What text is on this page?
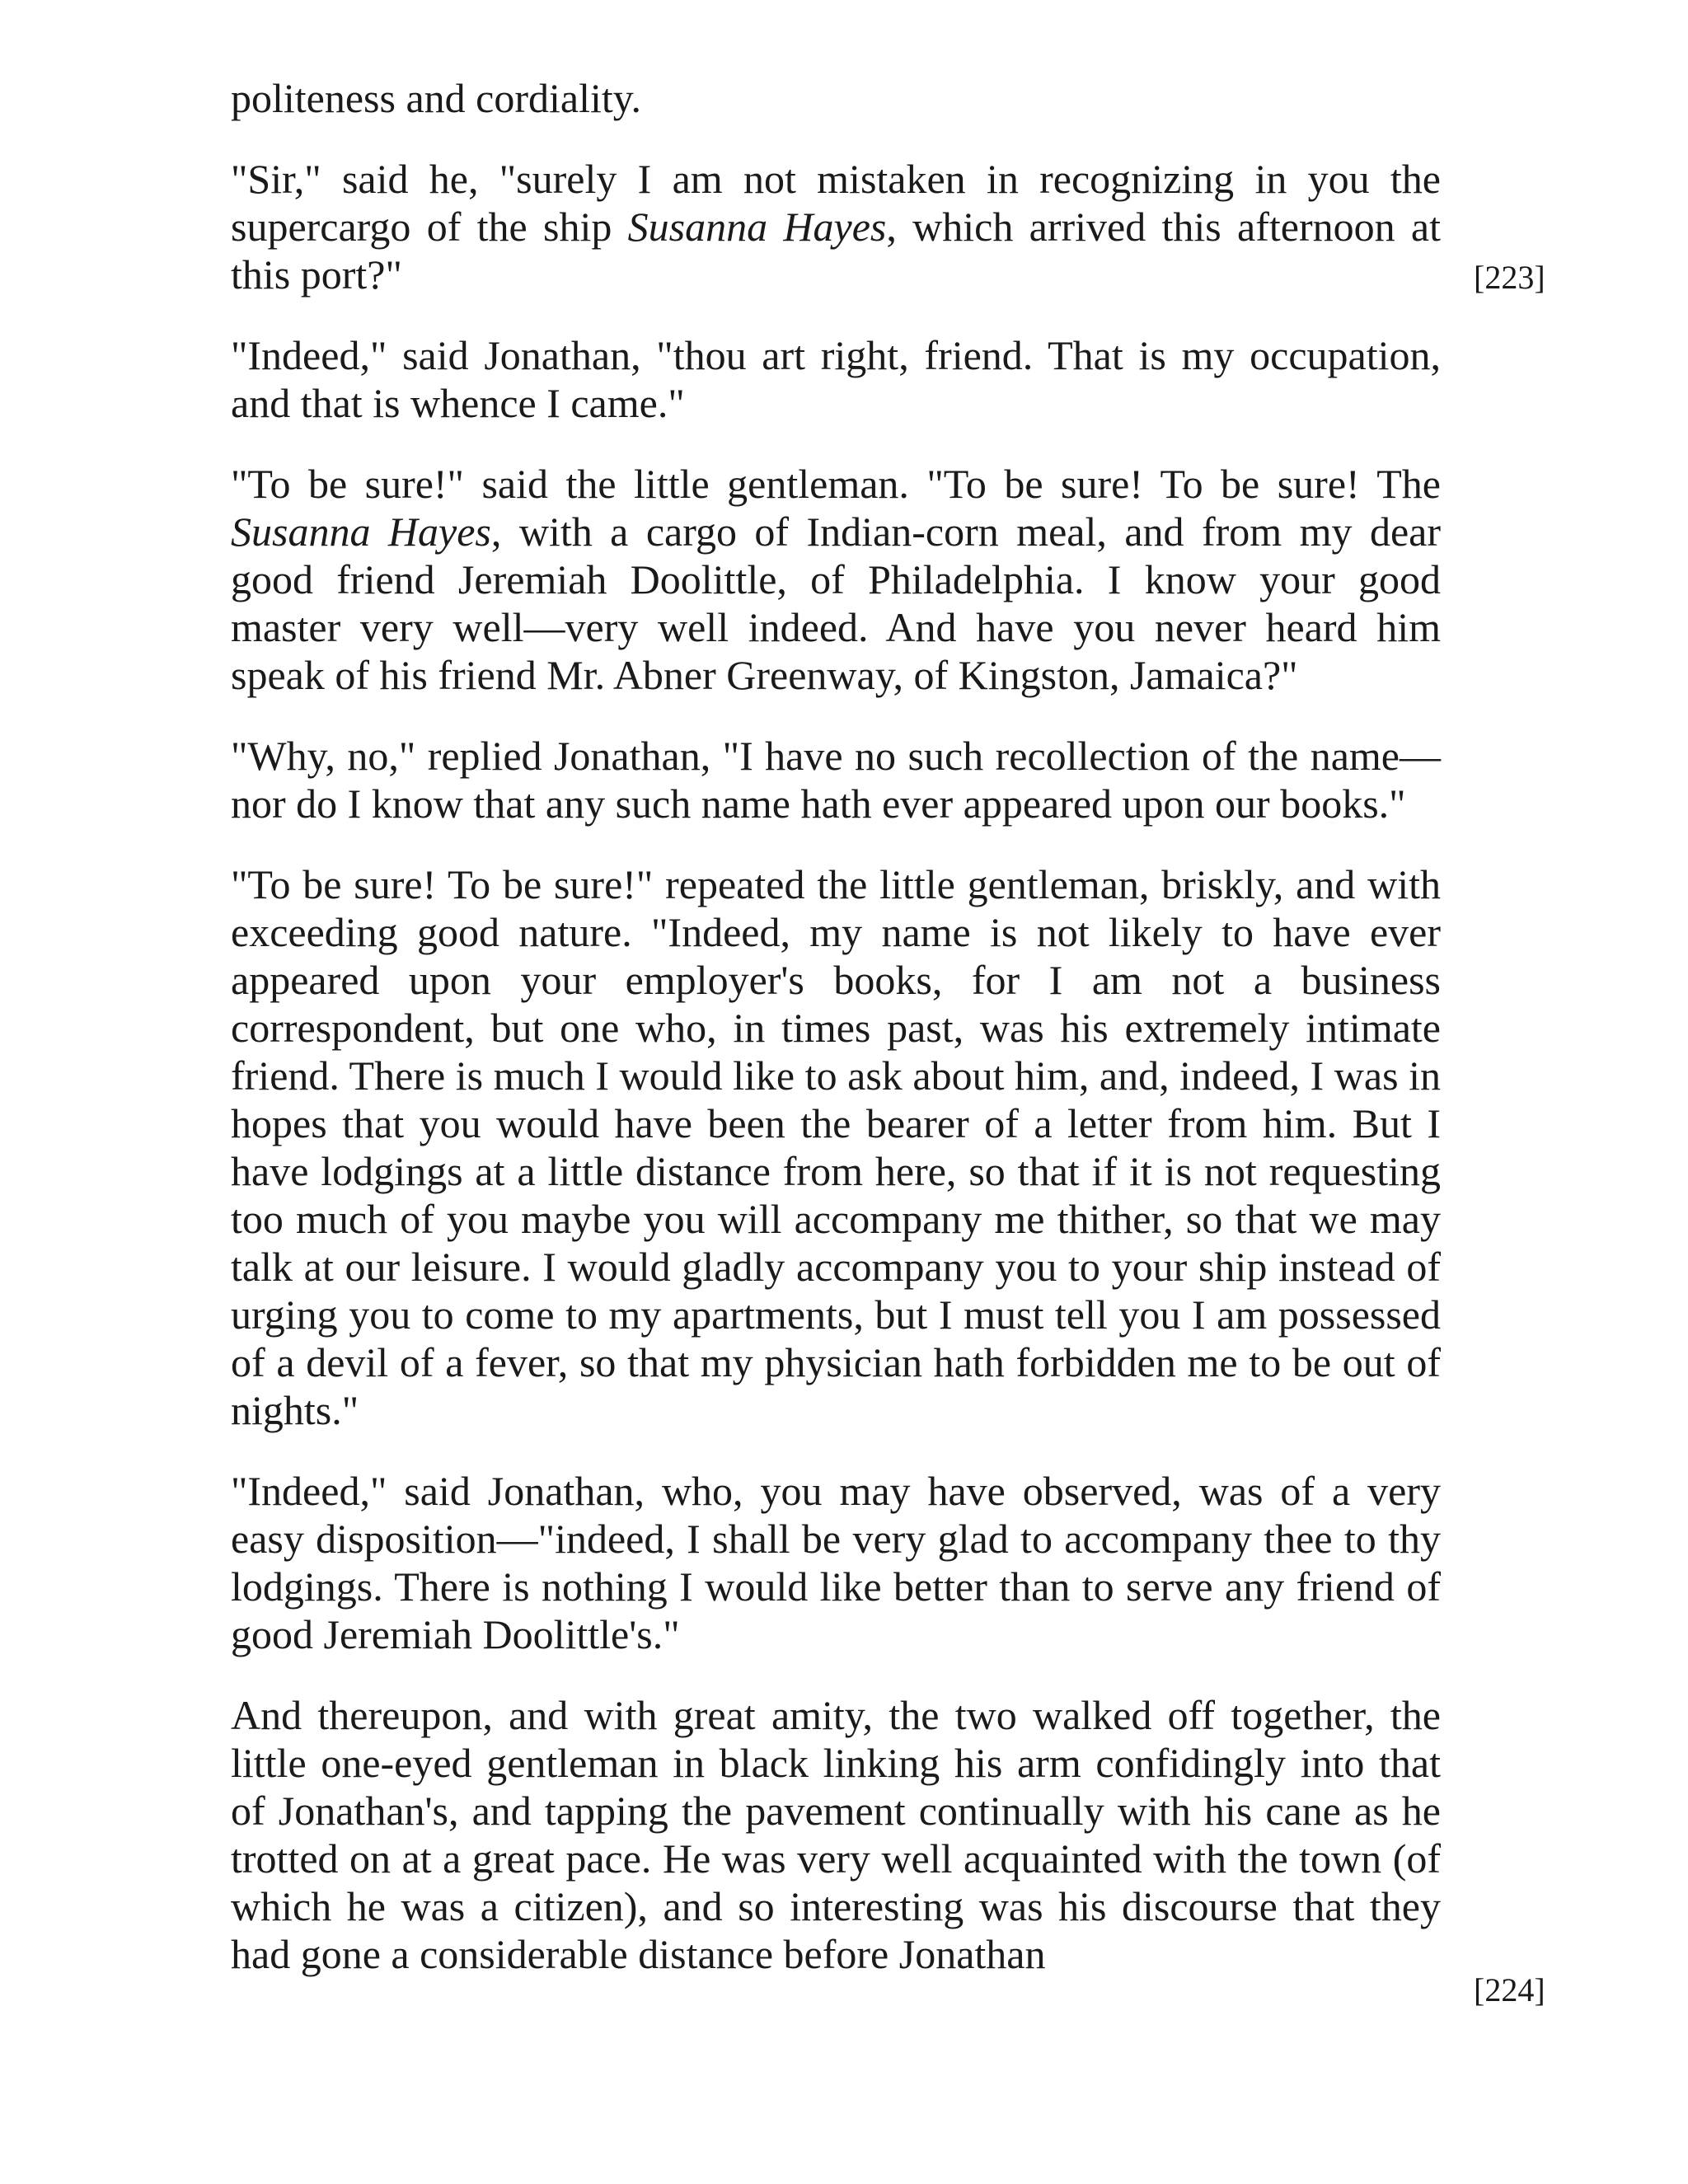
politeness and cordiality.

"Sir," said he, "surely I am not mistaken in recognizing in you the supercargo of the ship Susanna Hayes, which arrived this afternoon at this port?"

"Indeed," said Jonathan, "thou art right, friend. That is my occupation, and that is whence I came."

"To be sure!" said the little gentleman. "To be sure! To be sure! The Susanna Hayes, with a cargo of Indian-corn meal, and from my dear good friend Jeremiah Doolittle, of Philadelphia. I know your good master very well—very well indeed. And have you never heard him speak of his friend Mr. Abner Greenway, of Kingston, Jamaica?"

"Why, no," replied Jonathan, "I have no such recollection of the name—nor do I know that any such name hath ever appeared upon our books."

"To be sure! To be sure!" repeated the little gentleman, briskly, and with exceeding good nature. "Indeed, my name is not likely to have ever appeared upon your employer's books, for I am not a business correspondent, but one who, in times past, was his extremely intimate friend. There is much I would like to ask about him, and, indeed, I was in hopes that you would have been the bearer of a letter from him. But I have lodgings at a little distance from here, so that if it is not requesting too much of you maybe you will accompany me thither, so that we may talk at our leisure. I would gladly accompany you to your ship instead of urging you to come to my apartments, but I must tell you I am possessed of a devil of a fever, so that my physician hath forbidden me to be out of nights."

"Indeed," said Jonathan, who, you may have observed, was of a very easy disposition—"indeed, I shall be very glad to accompany thee to thy lodgings. There is nothing I would like better than to serve any friend of good Jeremiah Doolittle's."

And thereupon, and with great amity, the two walked off together, the little one-eyed gentleman in black linking his arm confidingly into that of Jonathan's, and tapping the pavement continually with his cane as he trotted on at a great pace. He was very well acquainted with the town (of which he was a citizen), and so interesting was his discourse that they had gone a considerable distance before Jonathan

[223]
[224]
